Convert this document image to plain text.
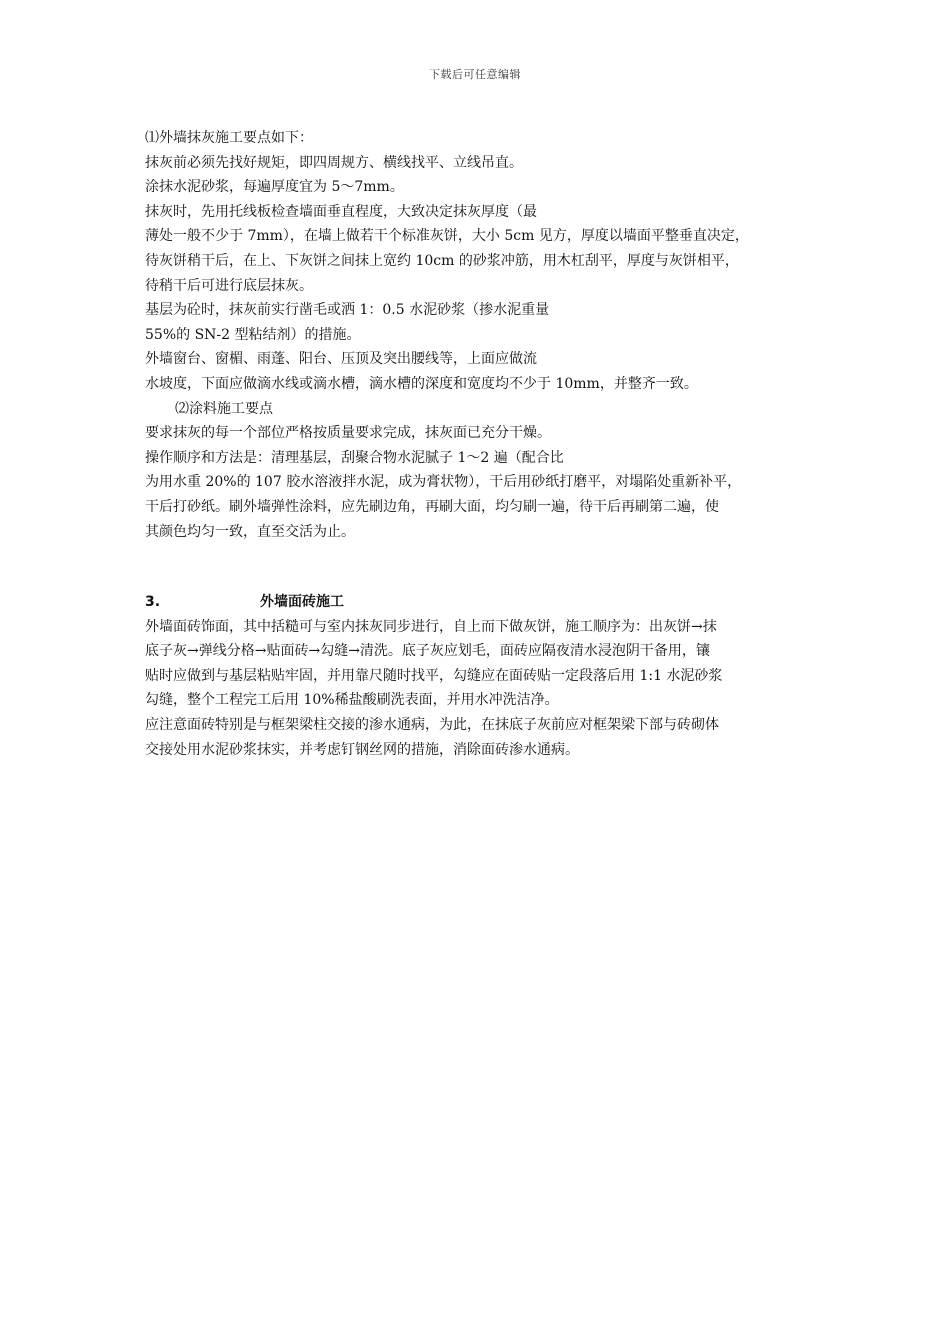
下载后可任意编辑
⑴外墙抹灰施工要点如下：
抹灰前必须先找好规矩，即四周规方、横线找平、立线吊直。
涂抹水泥砂浆，每遍厚度宜为 5～7mm。
抹灰时，先用托线板检查墙面垂直程度，大致决定抹灰厚度（最
薄处一般不少于 7mm），在墙上做若干个标准灰饼，大小 5cm 见方，厚度以墙面平整垂直决定，
待灰饼稍干后，在上、下灰饼之间抹上宽约 10cm 的砂浆冲筋，用木杠刮平，厚度与灰饼相平，
待稍干后可进行底层抹灰。
基层为砼时，抹灰前实行凿毛或洒 1：0.5 水泥砂浆（掺水泥重量
55%的 SN-2 型粘结剂）的措施。
外墙窗台、窗楣、雨蓬、阳台、压顶及突出腰线等，上面应做流
水坡度，下面应做滴水线或滴水槽，滴水槽的深度和宽度均不少于 10mm，并整齐一致。
⑵涂料施工要点
要求抹灰的每一个部位严格按质量要求完成，抹灰面已充分干燥。
操作顺序和方法是：清理基层，刮聚合物水泥腻子 1～2 遍（配合比
为用水重 20%的 107 胶水溶液拌水泥，成为膏状物），干后用砂纸打磨平，对塌陷处重新补平，
干后打砂纸。刷外墙弹性涂料，应先刷边角，再刷大面，均匀刷一遍，待干后再刷第二遍，使
其颜色均匀一致，直至交活为止。
3.	外墙面砖施工
外墙面砖饰面，其中括糙可与室内抹灰同步进行，自上而下做灰饼，施工顺序为：出灰饼→抹
底子灰→弹线分格→贴面砖→勾缝→清洗。底子灰应划毛，面砖应隔夜清水浸泡阴干备用，镶
贴时应做到与基层粘贴牢固，并用靠尺随时找平，勾缝应在面砖贴一定段落后用 1:1 水泥砂浆
勾缝，整个工程完工后用 10%稀盐酸刷洗表面，并用水冲洗洁净。
应注意面砖特别是与框架梁柱交接的渗水通病，为此，在抹底子灰前应对框架梁下部与砖砌体
交接处用水泥砂浆抹实，并考虑钉钢丝网的措施，消除面砖渗水通病。
